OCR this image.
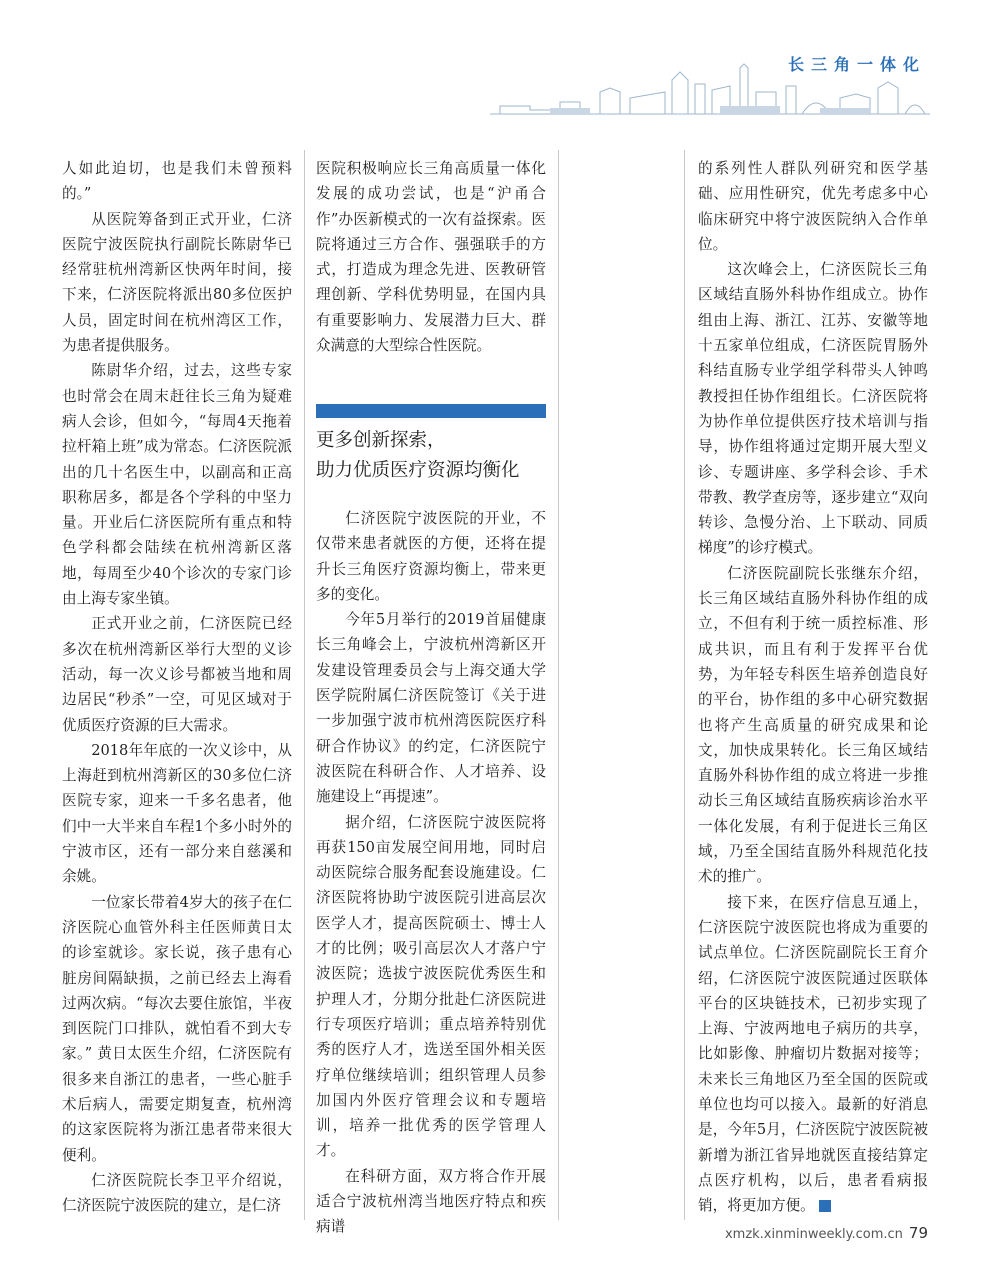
长三角一体化

人如此迫切，也是我们未曾预料的。”

从医院筹备到正式开业，仁济医院宁波医院执行副院长陈尉华已经常驻杭州湾新区快两年时间，接下来，仁济医院将派出80多位医护人员，固定时间在杭州湾区工作，为患者提供服务。

陈尉华介绍，过去，这些专家也时常会在周末赶往长三角为疑难病人会诊，但如今，“每周4天拖着拉杆箱上班”成为常态。仁济医院派出的几十名医生中，以副高和正高职称居多，都是各个学科的中坚力量。开业后仁济医院所有重点和特色学科都会陆续在杭州湾新区落地，每周至少40个诊次的专家门诊由上海专家坐镇。

正式开业之前，仁济医院已经多次在杭州湾新区举行大型的义诊活动，每一次义诊号都被当地和周边居民“秒杀”一空，可见区域对于优质医疗资源的巨大需求。

2018年年底的一次义诊中，从上海赶到杭州湾新区的30多位仁济医院专家，迎来一千多名患者，他们中一大半来自车程1个多小时外的宁波市区，还有一部分来自慈溪和余姚。

一位家长带着4岁大的孩子在仁济医院心血管外科主任医师黄日太的诊室就诊。家长说，孩子患有心脏房间隔缺损，之前已经去上海看过两次病。“每次去要住旅馆，半夜到医院门口排队，就怕看不到大专家。” 黄日太医生介绍，仁济医院有很多来自浙江的患者，一些心脏手术后病人，需要定期复查，杭州湾的这家医院将为浙江患者带来很大便利。

仁济医院院长李卫平介绍说，仁济医院宁波医院的建立，是仁济

医院积极响应长三角高质量一体化发展的成功尝试，也是“沪甬合作”办医新模式的一次有益探索。医院将通过三方合作、强强联手的方式，打造成为理念先进、医教研管理创新、学科优势明显，在国内具有重要影响力、发展潜力巨大、群众满意的大型综合性医院。

更多创新探索，
助力优质医疗资源均衡化

仁济医院宁波医院的开业，不仅带来患者就医的方便，还将在提升长三角医疗资源均衡上，带来更多的变化。

今年5月举行的2019首届健康长三角峰会上，宁波杭州湾新区开发建设管理委员会与上海交通大学医学院附属仁济医院签订《关于进一步加强宁波市杭州湾医院医疗科研合作协议》的约定，仁济医院宁波医院在科研合作、人才培养、设施建设上“再提速”。

据介绍，仁济医院宁波医院将再获150亩发展空间用地，同时启动医院综合服务配套设施建设。仁济医院将协助宁波医院引进高层次医学人才，提高医院硕士、博士人才的比例；吸引高层次人才落户宁波医院；选拔宁波医院优秀医生和护理人才，分期分批赴仁济医院进行专项医疗培训；重点培养特别优秀的医疗人才，选送至国外相关医疗单位继续培训；组织管理人员参加国内外医疗管理会议和专题培训，培养一批优秀的医学管理人才。

在科研方面，双方将合作开展适合宁波杭州湾当地医疗特点和疾病谱

的系列性人群队列研究和医学基础、应用性研究，优先考虑多中心临床研究中将宁波医院纳入合作单位。

这次峰会上，仁济医院长三角区域结直肠外科协作组成立。协作组由上海、浙江、江苏、安徽等地十五家单位组成，仁济医院胃肠外科结直肠专业学组学科带头人钟鸣教授担任协作组组长。仁济医院将为协作单位提供医疗技术培训与指导，协作组将通过定期开展大型义诊、专题讲座、多学科会诊、手术带教、教学查房等，逐步建立“双向转诊、急慢分治、上下联动、同质梯度”的诊疗模式。

仁济医院副院长张继东介绍，长三角区域结直肠外科协作组的成立，不但有利于统一质控标准、形成共识，而且有利于发挥平台优势，为年轻专科医生培养创造良好的平台，协作组的多中心研究数据也将产生高质量的研究成果和论文，加快成果转化。长三角区域结直肠外科协作组的成立将进一步推动长三角区域结直肠疾病诊治水平一体化发展，有利于促进长三角区域，乃至全国结直肠外科规范化技术的推广。

接下来，在医疗信息互通上，仁济医院宁波医院也将成为重要的试点单位。仁济医院副院长王育介绍，仁济医院宁波医院通过医联体平台的区块链技术，已初步实现了上海、宁波两地电子病历的共享，比如影像、肿瘤切片数据对接等；未来长三角地区乃至全国的医院或单位也均可以接入。最新的好消息是，今年5月，仁济医院宁波医院被新增为浙江省异地就医直接结算定点医疗机构，以后，患者看病报销，将更加方便。	M

xmzk.xinminweekly.com.cn 79
